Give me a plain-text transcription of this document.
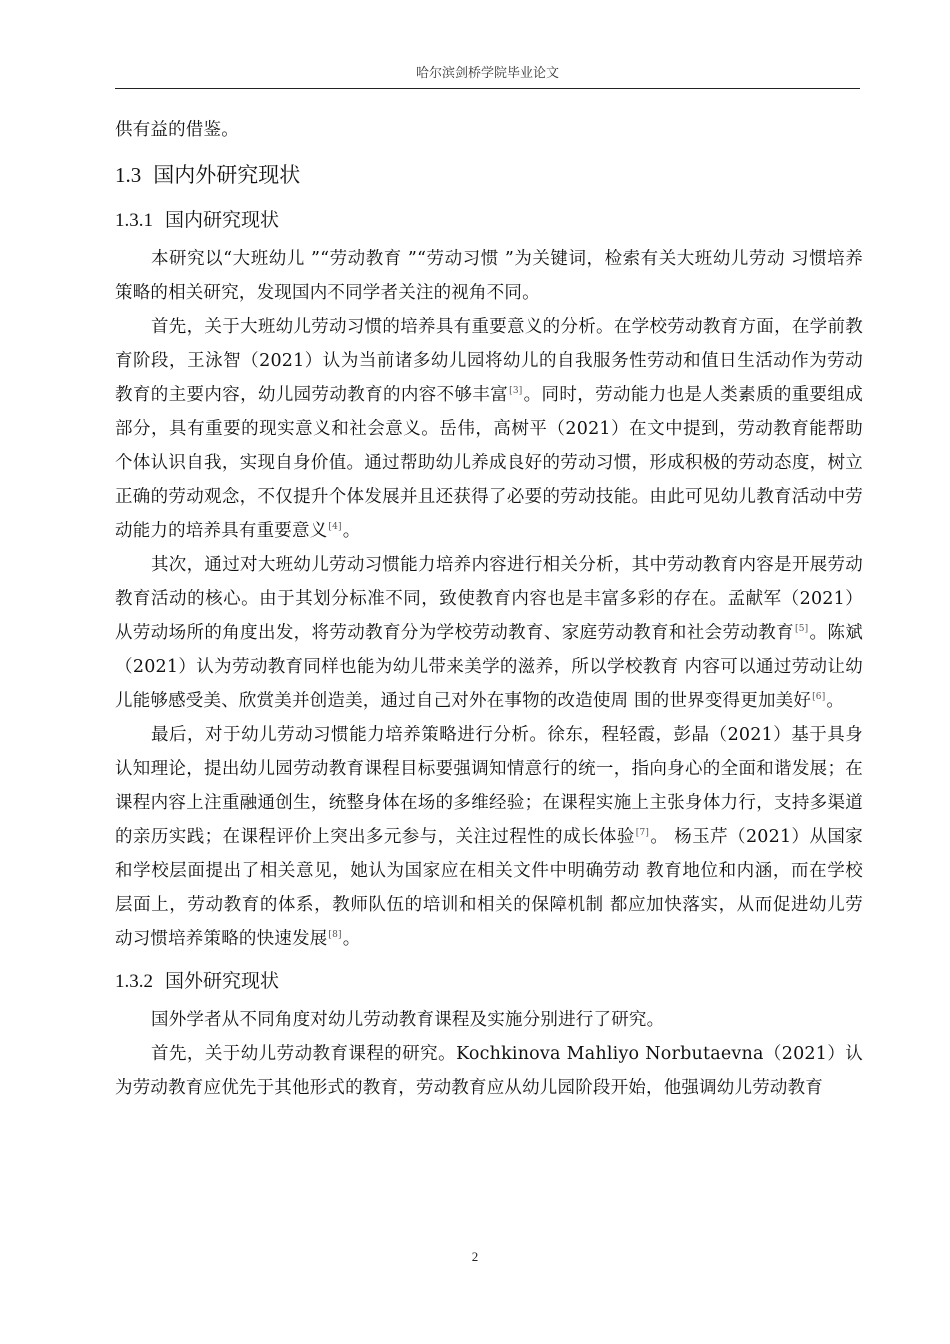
哈尔滨剑桥学院毕业论文

供有益的借鉴。

1.3 国内外研究现状
1.3.1 国内研究现状

本研究以“大班幼儿 ”“劳动教育 ”“劳动习惯 ”为关键词，检索有关大班幼儿劳动 习惯培养策略的相关研究，发现国内不同学者关注的视角不同。

首先，关于大班幼儿劳动习惯的培养具有重要意义的分析。在学校劳动教育方面，在学前教育阶段，王泳智（2021）认为当前诸多幼儿园将幼儿的自我服务性劳动和值日生活动作为劳动教育的主要内容，幼儿园劳动教育的内容不够丰富[3]。同时，劳动能力也是人类素质的重要组成部分，具有重要的现实意义和社会意义。岳伟，高树平（2021）在文中提到，劳动教育能帮助个体认识自我，实现自身价值。通过帮助幼儿养成良好的劳动习惯，形成积极的劳动态度，树立正确的劳动观念，不仅提升个体发展并且还获得了必要的劳动技能。由此可见幼儿教育活动中劳动能力的培养具有重要意义[4]。

其次，通过对大班幼儿劳动习惯能力培养内容进行相关分析，其中劳动教育内容是开展劳动教育活动的核心。由于其划分标准不同，致使教育内容也是丰富多彩的存在。孟献军（2021）从劳动场所的角度出发，将劳动教育分为学校劳动教育、家庭劳动教育和社会劳动教育[5]。陈斌（2021）认为劳动教育同样也能为幼儿带来美学的滋养，所以学校教育 内容可以通过劳动让幼儿能够感受美、欣赏美并创造美，通过自己对外在事物的改造使周 围的世界变得更加美好[6]。

最后，对于幼儿劳动习惯能力培养策略进行分析。徐东，程轻霞，彭晶（2021）基于具身认知理论，提出幼儿园劳动教育课程目标要强调知情意行的统一，指向身心的全面和谐发展；在课程内容上注重融通创生，统整身体在场的多维经验；在课程实施上主张身体力行，支持多渠道的亲历实践；在课程评价上突出多元参与，关注过程性的成长体验[7]。 杨玉芹（2021）从国家和学校层面提出了相关意见，她认为国家应在相关文件中明确劳动 教育地位和内涵，而在学校层面上，劳动教育的体系，教师队伍的培训和相关的保障机制 都应加快落实，从而促进幼儿劳动习惯培养策略的快速发展[8]。

1.3.2 国外研究现状

国外学者从不同角度对幼儿劳动教育课程及实施分别进行了研究。

首先，关于幼儿劳动教育课程的研究。Kochkinova Mahliyo Norbutaevna（2021）认为劳动教育应优先于其他形式的教育，劳动教育应从幼儿园阶段开始，他强调幼儿劳动教育

2
